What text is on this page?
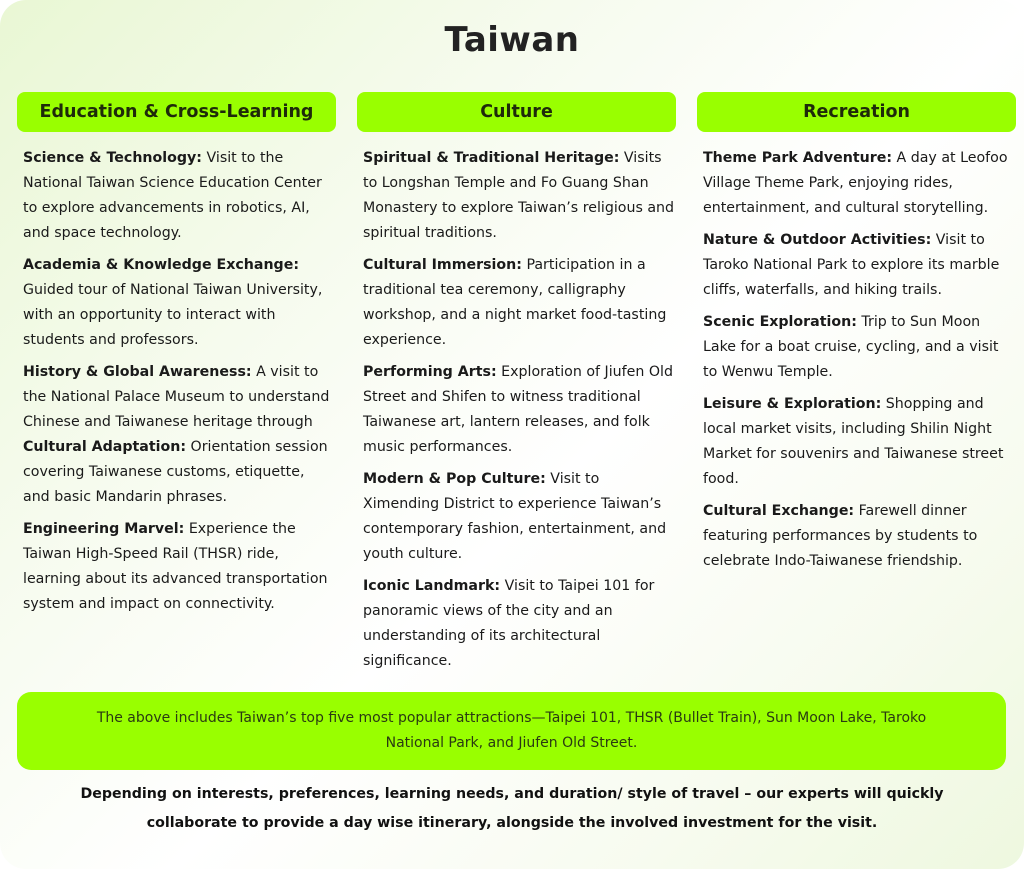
Taiwan
Education & Cross-Learning
Science & Technology: Visit to the National Taiwan Science Education Center to explore advancements in robotics, AI, and space technology.
Academia & Knowledge Exchange: Guided tour of National Taiwan University, with an opportunity to interact with students and professors.
History & Global Awareness: A visit to the National Palace Museum to understand Chinese and Taiwanese heritage through Cultural Adaptation: Orientation session covering Taiwanese customs, etiquette, and basic Mandarin phrases.
Engineering Marvel: Experience the Taiwan High-Speed Rail (THSR) ride, learning about its advanced transportation system and impact on connectivity.
Culture
Spiritual & Traditional Heritage: Visits to Longshan Temple and Fo Guang Shan Monastery to explore Taiwan’s religious and spiritual traditions.
Cultural Immersion: Participation in a traditional tea ceremony, calligraphy workshop, and a night market food-tasting experience.
Performing Arts: Exploration of Jiufen Old Street and Shifen to witness traditional Taiwanese art, lantern releases, and folk music performances.
Modern & Pop Culture: Visit to Ximending District to experience Taiwan’s contemporary fashion, entertainment, and youth culture.
Iconic Landmark: Visit to Taipei 101 for panoramic views of the city and an understanding of its architectural significance.
Recreation
Theme Park Adventure: A day at Leofoo Village Theme Park, enjoying rides, entertainment, and cultural storytelling.
Nature & Outdoor Activities: Visit to Taroko National Park to explore its marble cliffs, waterfalls, and hiking trails.
Scenic Exploration: Trip to Sun Moon Lake for a boat cruise, cycling, and a visit to Wenwu Temple.
Leisure & Exploration: Shopping and local market visits, including Shilin Night Market for souvenirs and Taiwanese street food.
Cultural Exchange: Farewell dinner featuring performances by students to celebrate Indo-Taiwanese friendship.
The above includes Taiwan’s top five most popular attractions—Taipei 101, THSR (Bullet Train), Sun Moon Lake, Taroko National Park, and Jiufen Old Street.
Depending on interests, preferences, learning needs, and duration/ style of travel – our experts will quickly collaborate to provide a day wise itinerary, alongside the involved investment for the visit.
